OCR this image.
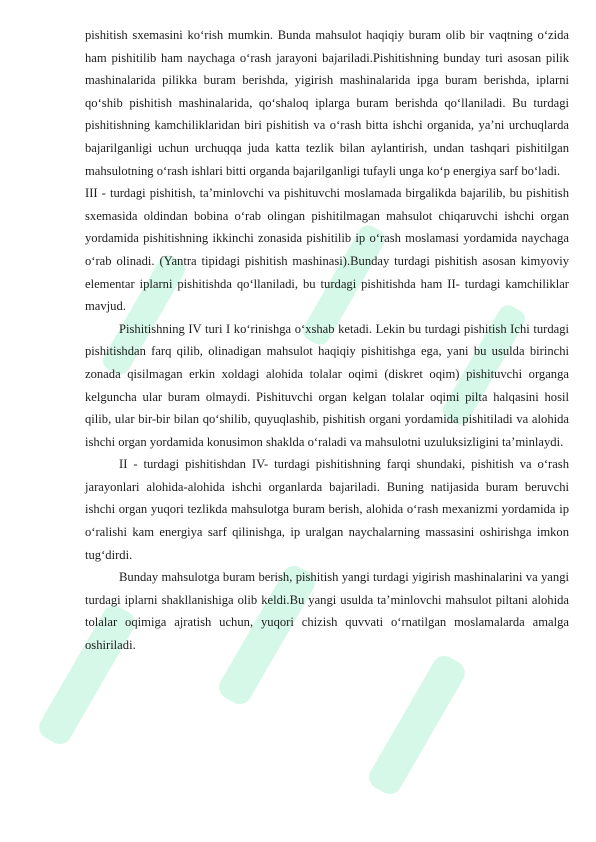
pishitish sxemasini ko‘rish mumkin. Bunda mahsulot haqiqiy buram olib bir vaqtning o‘zida ham pishitilib ham naychaga o‘rash jarayoni bajariladi.Pishitishning bunday turi asosan pilik mashinalarida pilikka buram berishda, yigirish mashinalarida ipga buram berishda, iplarni qo‘shib pishitish mashinalarida, qo‘shaloq iplarga buram berishda qo‘llaniladi. Bu turdagi pishitishning kamchiliklaridan biri pishitish va o‘rash bitta ishchi organida, ya’ni urchuqlarda bajarilganligi uchun urchuqqa juda katta tezlik bilan aylantirish, undan tashqari pishitilgan mahsulotning o‘rash ishlari bitti organda bajarilganligi tufayli unga ko‘p energiya sarf bo‘ladi.

III - turdagi pishitish, ta’minlovchi va pishituvchi moslamada birgalikda bajarilib, bu pishitish sxemasida oldindan bobina o‘rab olingan pishitilmagan mahsulot chiqaruvchi ishchi organ yordamida pishitishning ikkinchi zonasida pishitilib ip o‘rash moslamasi yordamida naychaga o‘rab olinadi. (Yantra tipidagi pishitish mashinasi).Bunday turdagi pishitish asosan kimyoviy elementar iplarni pishitishda qo‘llaniladi, bu turdagi pishitishda ham II- turdagi kamchiliklar mavjud.

Pishitishning IV turi I ko‘rinishga o‘xshab ketadi. Lekin bu turdagi pishitish Ichi turdagi pishitishdan farq qilib, olinadigan mahsulot haqiqiy pishitishga ega, yani bu usulda birinchi zonada qisilmagan erkin xoldagi alohida tolalar oqimi (diskret oqim) pishituvchi organga kelguncha ular buram olmaydi. Pishituvchi organ kelgan tolalar oqimi pilta halqasini hosil qilib, ular bir-bir bilan qo‘shilib, quyuqlashib, pishitish organi yordamida pishitiladi va alohida ishchi organ yordamida konusimon shaklda o‘raladi va mahsulotni uzuluksizligini ta’minlaydi.

II - turdagi pishitishdan IV- turdagi pishitishning farqi shundaki, pishitish va o‘rash jarayonlari alohida-alohida ishchi organlarda bajariladi. Buning natijasida buram beruvchi ishchi organ yuqori tezlikda mahsulotga buram berish, alohida o‘rash mexanizmi yordamida ip o‘ralishi kam energiya sarf qilinishga, ip uralgan naychalarning massasini oshirishga imkon tug‘dirdi.

Bunday mahsulotga buram berish, pishitish yangi turdagi yigirish mashinalarini va yangi turdagi iplarni shakllanishiga olib keldi.Bu yangi usulda ta’minlovchi mahsulot piltani alohida tolalar oqimiga ajratish uchun, yuqori chizish quvvati o‘rnatilgan moslamalarda amalga oshiriladi.
